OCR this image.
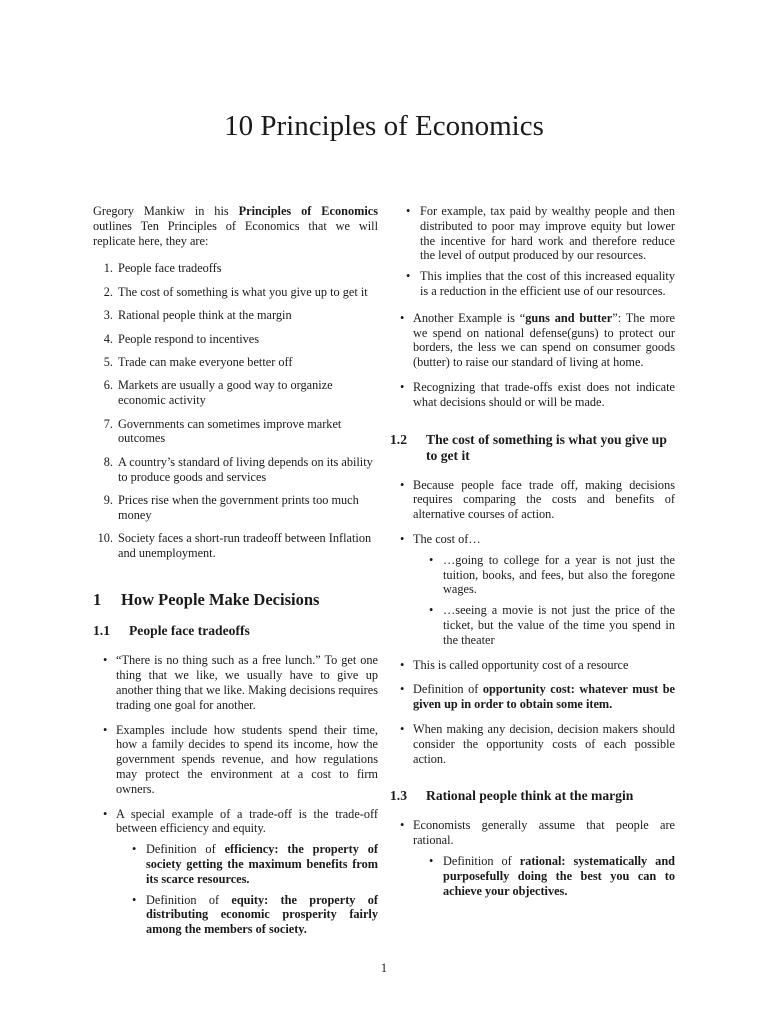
10 Principles of Economics

Gregory Mankiw in his Principles of Economics outlines Ten Principles of Economics that we will replicate here, they are:

1. People face tradeoffs
2. The cost of something is what you give up to get it
3. Rational people think at the margin
4. People respond to incentives
5. Trade can make everyone better off
6. Markets are usually a good way to organize economic activity
7. Governments can sometimes improve market outcomes
8. A country’s standard of living depends on its ability to produce goods and services
9. Prices rise when the government prints too much money
10. Society faces a short-run tradeoff between Inflation and unemployment.
1	How People Make Decisions
1.1	People face tradeoffs
• “There is no thing such as a free lunch.” To get one thing that we like, we usually have to give up another thing that we like. Making decisions requires trading one goal for another.
• Examples include how students spend their time, how a family decides to spend its income, how the government spends revenue, and how regulations may protect the environment at a cost to firm owners.
• A special example of a trade-off is the trade-off between efficiency and equity.
• Definition of efficiency: the property of society getting the maximum benefits from its scarce resources.
• Definition of equity: the property of distributing economic prosperity fairly among the members of society.
• For example, tax paid by wealthy people and then distributed to poor may improve equity but lower the incentive for hard work and therefore reduce the level of output produced by our resources.
• This implies that the cost of this increased equality is a reduction in the efficient use of our resources.
• Another Example is “guns and butter”: The more we spend on national defense(guns) to protect our borders, the less we can spend on consumer goods (butter) to raise our standard of living at home.
• Recognizing that trade-offs exist does not indicate what decisions should or will be made.
1.2	The cost of something is what you give up to get it
• Because people face trade off, making decisions requires comparing the costs and benefits of alternative courses of action.
• The cost of…
• …going to college for a year is not just the tuition, books, and fees, but also the foregone wages.
• …seeing a movie is not just the price of the ticket, but the value of the time you spend in the theater
• This is called opportunity cost of a resource
• Definition of opportunity cost: whatever must be given up in order to obtain some item.
• When making any decision, decision makers should consider the opportunity costs of each possible action.
1.3	Rational people think at the margin
• Economists generally assume that people are rational.
• Definition of rational: systematically and purposefully doing the best you can to achieve your objectives.
1
